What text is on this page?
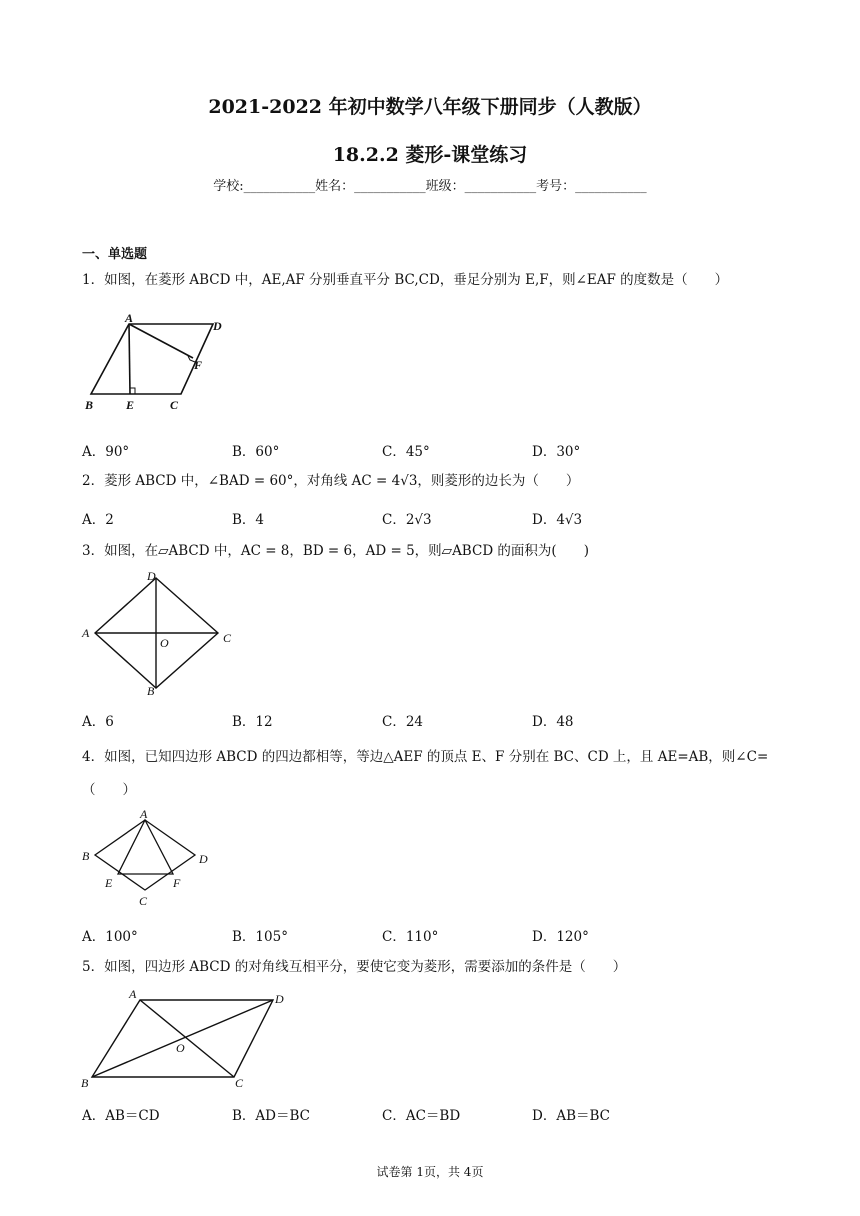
2021-2022 年初中数学八年级下册同步（人教版）
18.2.2 菱形-课堂练习
学校:___________姓名：___________班级：___________考号：___________
一、单选题
1．如图，在菱形 ABCD 中，AE,AF 分别垂直平分 BC,CD，垂足分别为 E,F，则∠EAF 的度数是（　　）
A
D
F
B	E	C
A．90°	B．60°	C．45°	D．30°
2．菱形 ABCD 中，∠BAD = 60°，对角线 AC = 4√3，则菱形的边长为（　　）
A．2	B．4	C．2√3	D．4√3
3．如图，在▱ABCD 中，AC = 8，BD = 6，AD = 5，则▱ABCD 的面积为(　　)
D
A
O	C
B
A．6	B．12	C．24	D．48
4．如图，已知四边形 ABCD 的四边都相等，等边△AEF 的顶点 E、F 分别在 BC、CD 上，且 AE=AB，则∠C=（　　）
A
B	D
E	F
C
A．100°	B．105°	C．110°	D．120°
5．如图，四边形 ABCD 的对角线互相平分，要使它变为菱形，需要添加的条件是（　　）
A	D
O
B	C
A．AB＝CD	B．AD＝BC	C．AC＝BD	D．AB＝BC
试卷第 1页，共 4页
